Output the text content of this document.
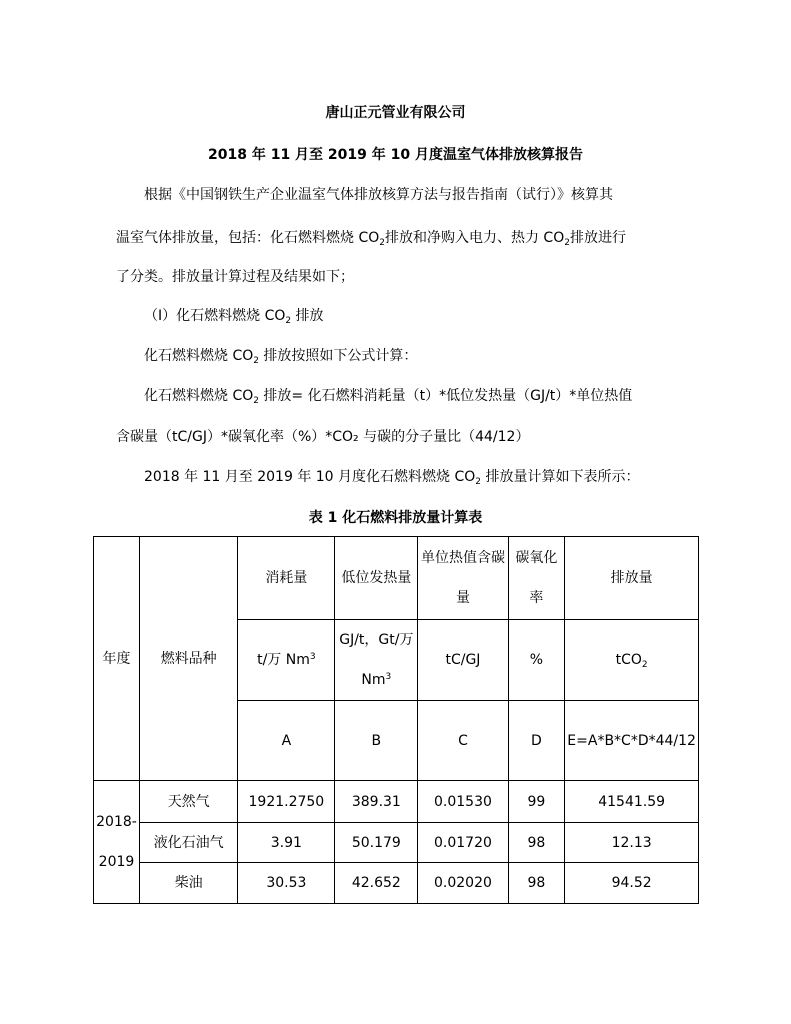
唐山正元管业有限公司
2018 年 11 月至 2019 年 10 月度温室气体排放核算报告
根据《中国钢铁生产企业温室气体排放核算方法与报告指南（试行）》核算其
温室气体排放量，包括：化石燃料燃烧 $CO_2$排放和净购入电力、热力 $CO_2$排放进行
了分类。排放量计算过程及结果如下；
（Ⅰ）化石燃料燃烧 $CO_2$ 排放
化石燃料燃烧 $CO_2$ 排放按照如下公式计算：
化石燃料燃烧 $CO_2$ 排放= 化石燃料消耗量（t）*低位发热量（GJ/t）*单位热值
含碳量（tC/GJ）*碳氧化率（%）*CO₂ 与碳的分子量比（44/12）
2018 年 11 月至 2019 年 10 月度化石燃料燃烧 $CO_2$ 排放量计算如下表所示：
表 1 化石燃料排放量计算表
年度	燃料品种	消耗量	低位发热量	单位热值含碳量	碳氧化率	排放量
		t/万 Nm$^3$	GJ/t，Gt/万 Nm$^3$	tC/GJ	%	tCO$_2$
		A	B	C	D	E=A*B*C*D*44/12
2018-2019	天然气	1921.2750	389.31	0.01530	99	41541.59
	液化石油气	3.91	50.179	0.01720	98	12.13
	柴油	30.53	42.652	0.02020	98	94.52
